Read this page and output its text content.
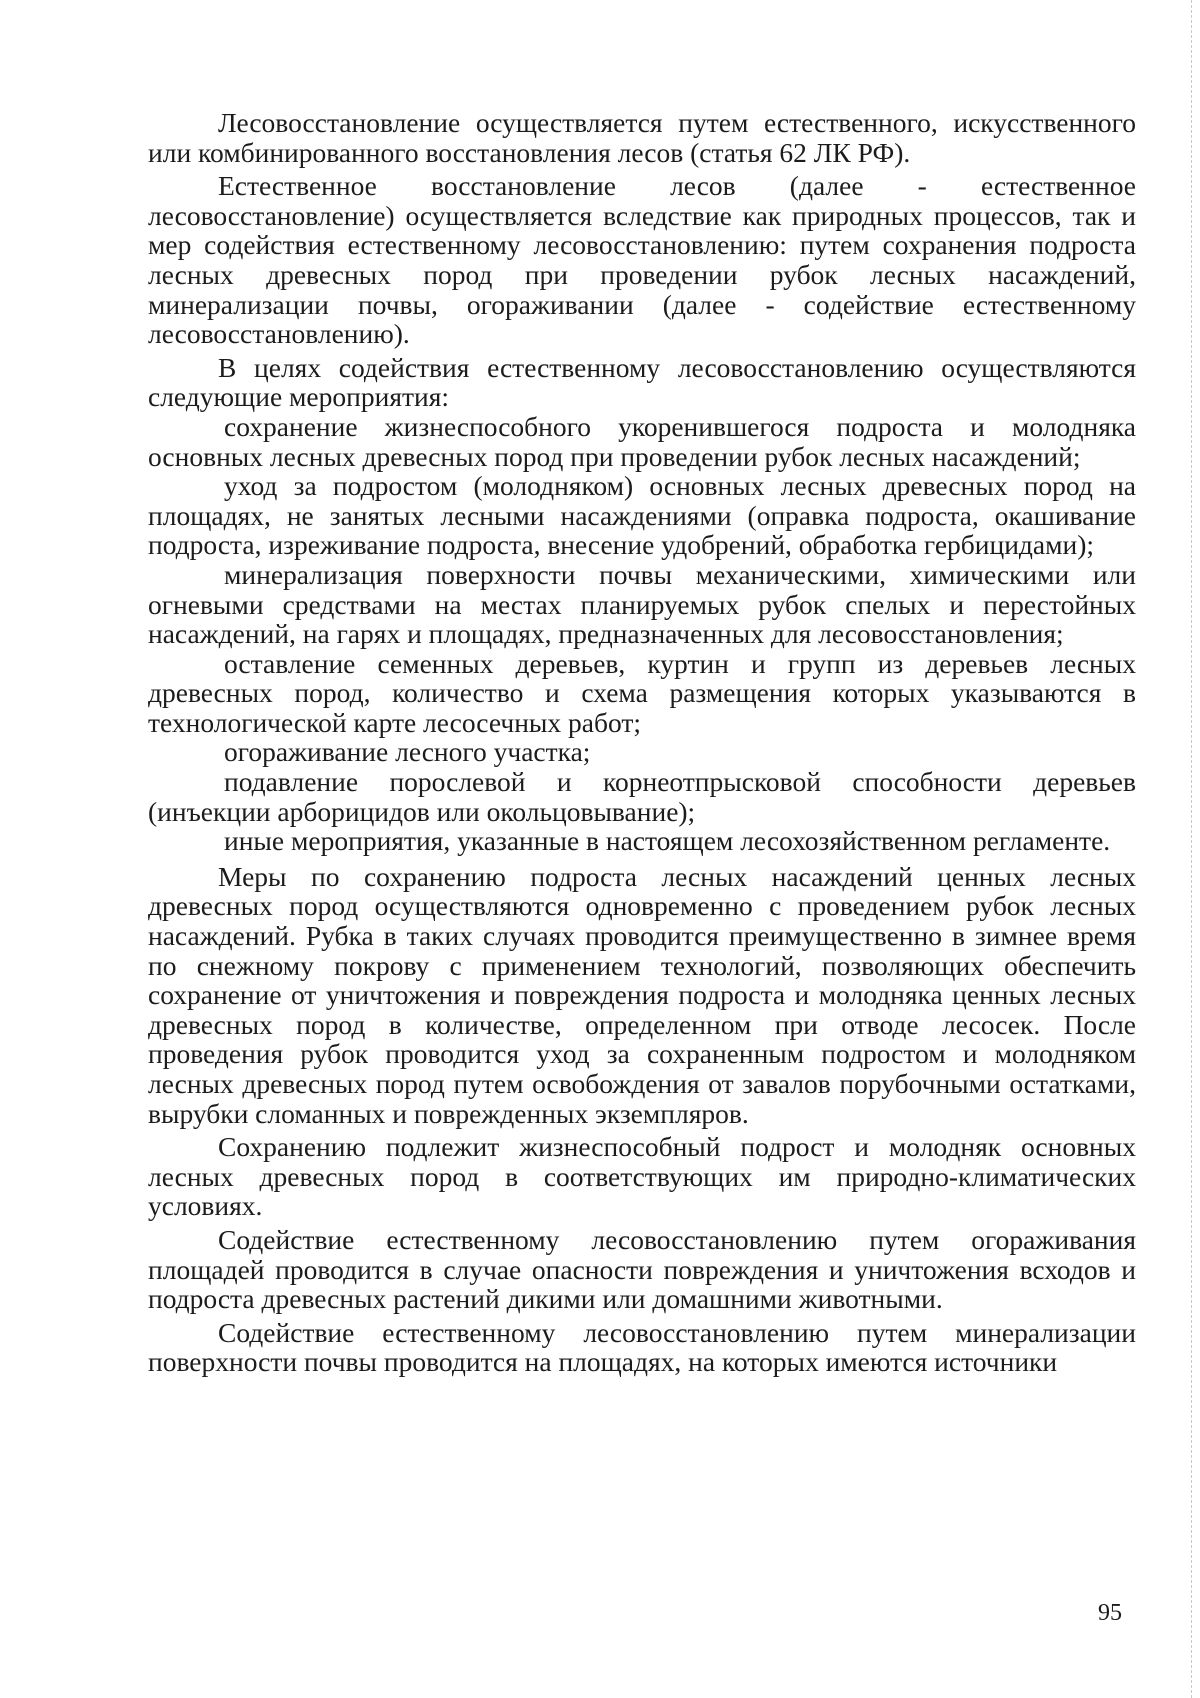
Лесовосстановление осуществляется путем естественного, искусственного или комбинированного восстановления лесов (статья 62 ЛК РФ).

Естественное восстановление лесов (далее - естественное лесовосстановление) осуществляется вследствие как природных процессов, так и мер содействия естественному лесовосстановлению: путем сохранения подроста лесных древесных пород при проведении рубок лесных насаждений, минерализации почвы, огораживании (далее - содействие естественному лесовосстановлению).

В целях содействия естественному лесовосстановлению осуществляются следующие мероприятия:

сохранение жизнеспособного укоренившегося подроста и молодняка основных лесных древесных пород при проведении рубок лесных насаждений;

уход за подростом (молодняком) основных лесных древесных пород на площадях, не занятых лесными насаждениями (оправка подроста, окашивание подроста, изреживание подроста, внесение удобрений, обработка гербицидами);

минерализация поверхности почвы механическими, химическими или огневыми средствами на местах планируемых рубок спелых и перестойных насаждений, на гарях и площадях, предназначенных для лесовосстановления;

оставление семенных деревьев, куртин и групп из деревьев лесных древесных пород, количество и схема размещения которых указываются в технологической карте лесосечных работ;

огораживание лесного участка;

подавление порослевой и корнеотпрысковой способности деревьев (инъекции арборицидов или окольцовывание);

иные мероприятия, указанные в настоящем лесохозяйственном регламенте.

Меры по сохранению подроста лесных насаждений ценных лесных древесных пород осуществляются одновременно с проведением рубок лесных насаждений. Рубка в таких случаях проводится преимущественно в зимнее время по снежному покрову с применением технологий, позволяющих обеспечить сохранение от уничтожения и повреждения подроста и молодняка ценных лесных древесных пород в количестве, определенном при отводе лесосек. После проведения рубок проводится уход за сохраненным подростом и молодняком лесных древесных пород путем освобождения от завалов порубочными остатками, вырубки сломанных и поврежденных экземпляров.

Сохранению подлежит жизнеспособный подрост и молодняк основных лесных древесных пород в соответствующих им природно-климатических условиях.

Содействие естественному лесовосстановлению путем огораживания площадей проводится в случае опасности повреждения и уничтожения всходов и подроста древесных растений дикими или домашними животными.

Содействие естественному лесовосстановлению путем минерализации поверхности почвы проводится на площадях, на которых имеются источники

95
